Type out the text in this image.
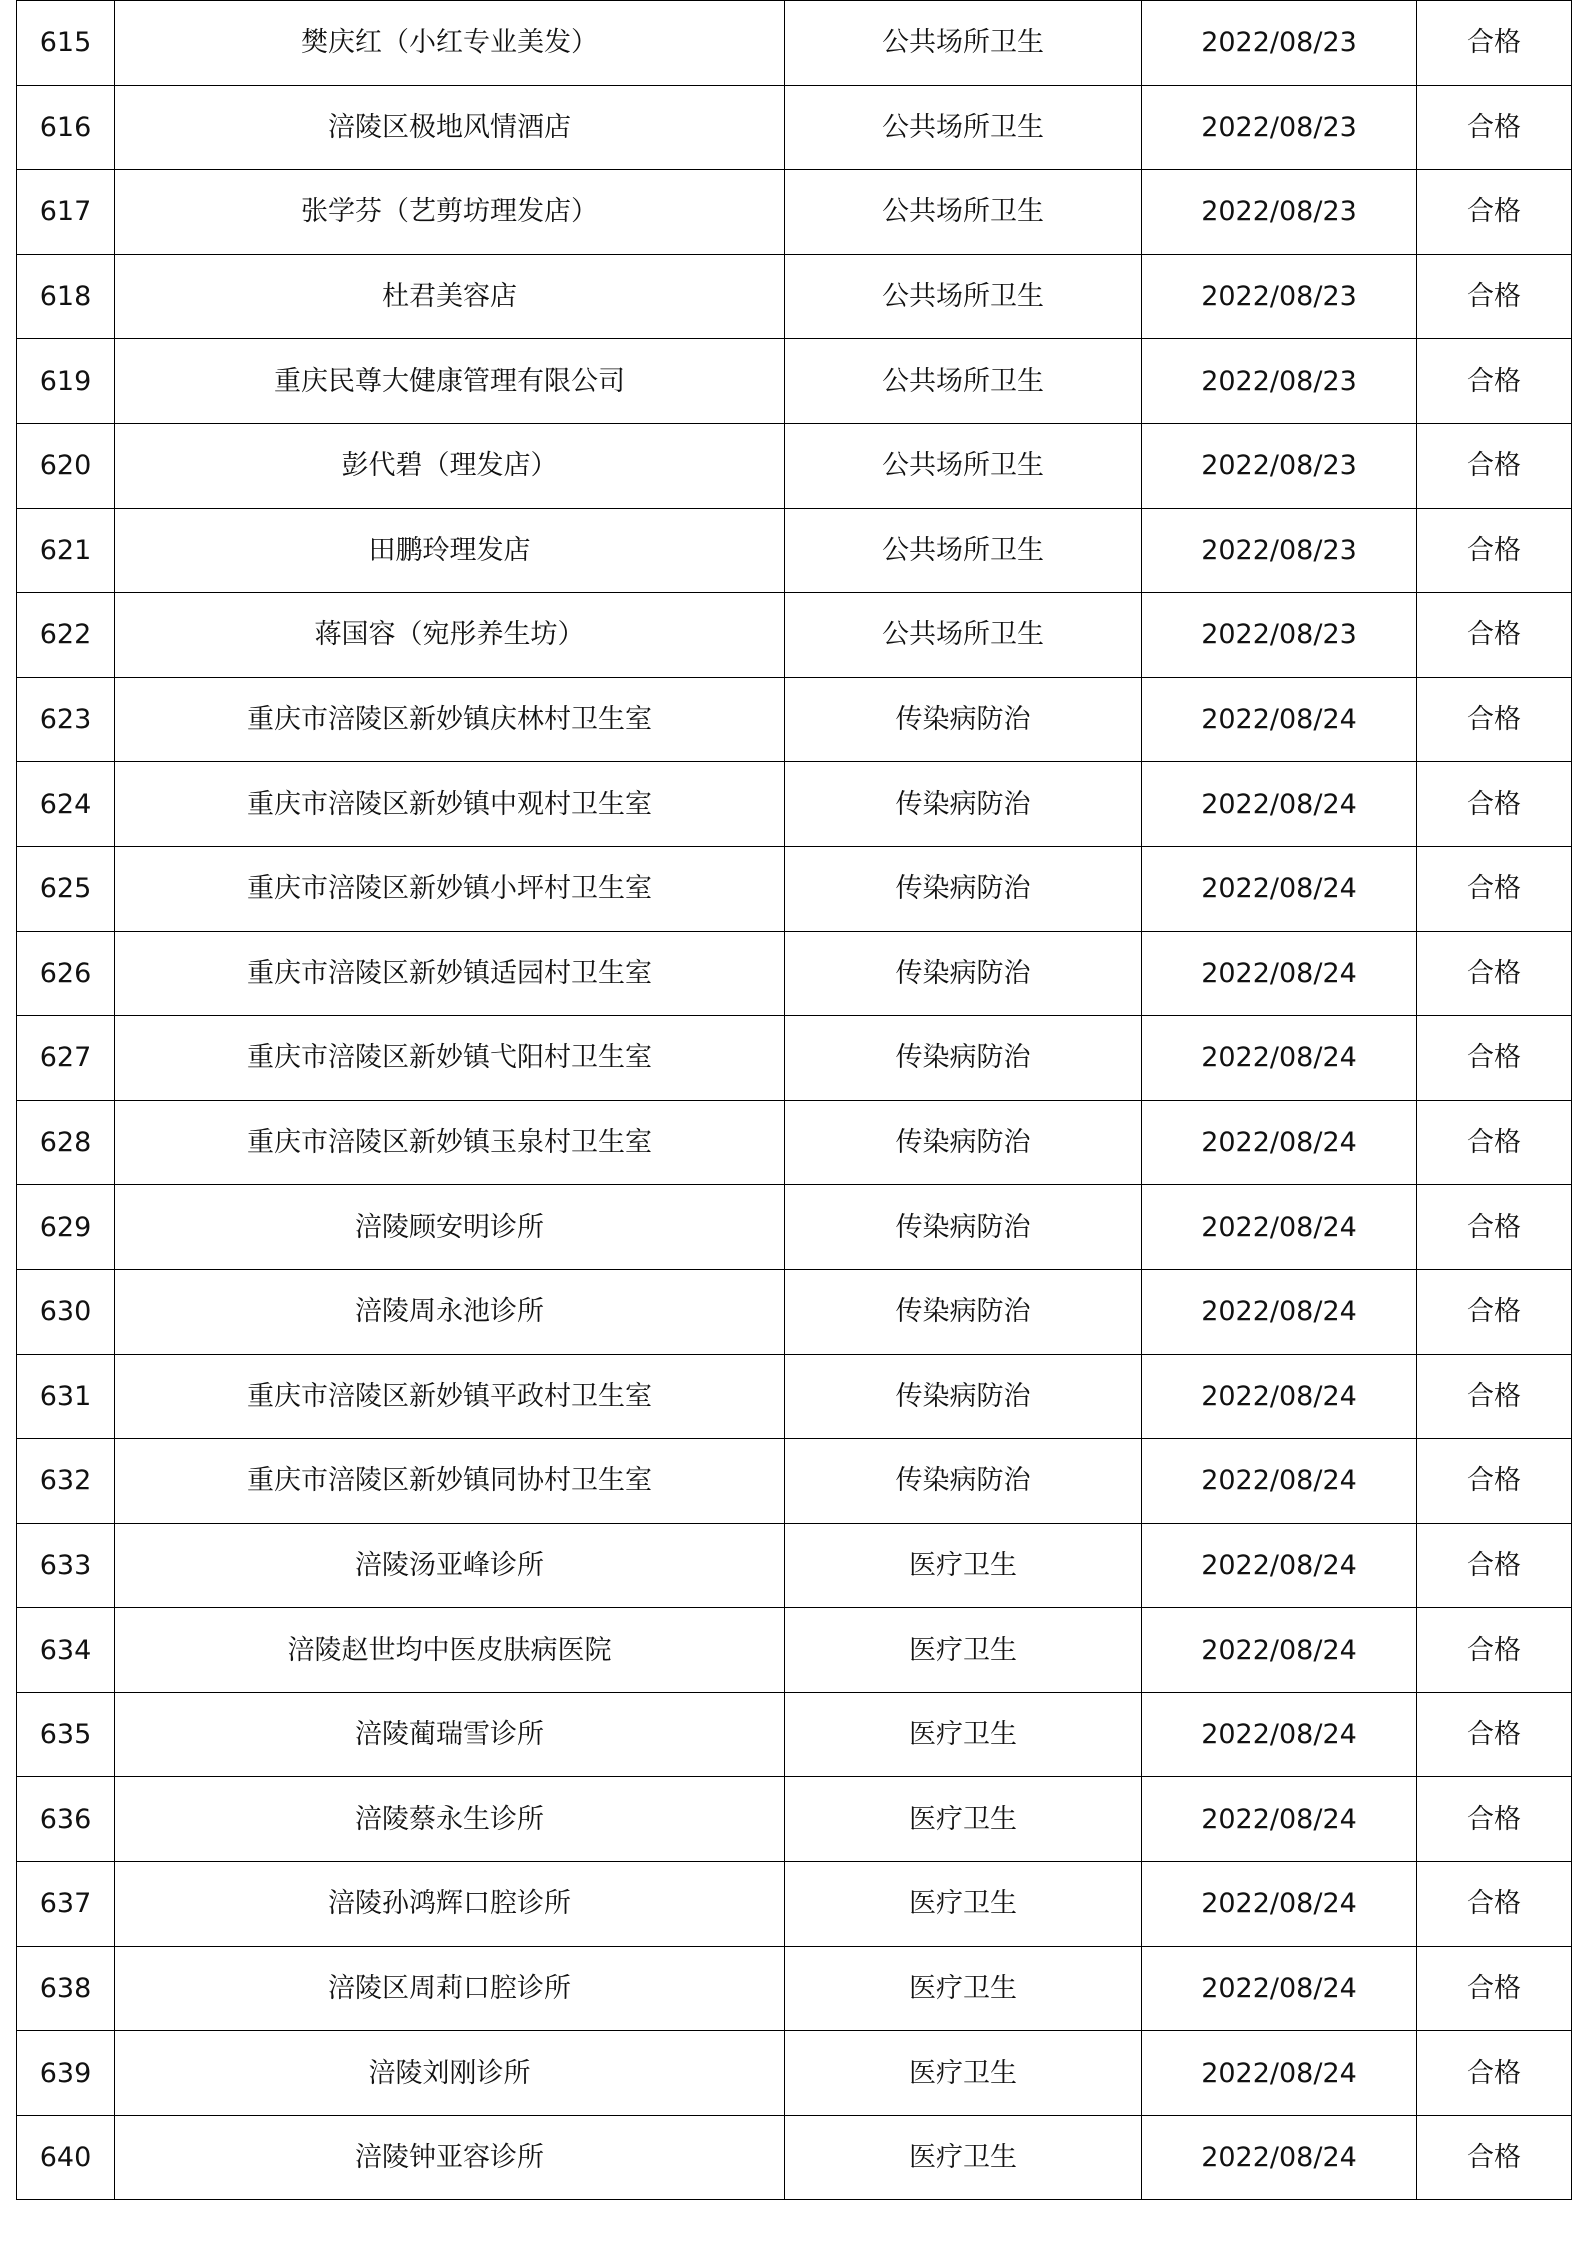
615	樊庆红（小红专业美发）	公共场所卫生	2022/08/23	合格
616	涪陵区极地风情酒店	公共场所卫生	2022/08/23	合格
617	张学芬（艺剪坊理发店）	公共场所卫生	2022/08/23	合格
618	杜君美容店	公共场所卫生	2022/08/23	合格
619	重庆民尊大健康管理有限公司	公共场所卫生	2022/08/23	合格
620	彭代碧（理发店）	公共场所卫生	2022/08/23	合格
621	田鹏玲理发店	公共场所卫生	2022/08/23	合格
622	蒋国容（宛彤养生坊）	公共场所卫生	2022/08/23	合格
623	重庆市涪陵区新妙镇庆林村卫生室	传染病防治	2022/08/24	合格
624	重庆市涪陵区新妙镇中观村卫生室	传染病防治	2022/08/24	合格
625	重庆市涪陵区新妙镇小坪村卫生室	传染病防治	2022/08/24	合格
626	重庆市涪陵区新妙镇适园村卫生室	传染病防治	2022/08/24	合格
627	重庆市涪陵区新妙镇弋阳村卫生室	传染病防治	2022/08/24	合格
628	重庆市涪陵区新妙镇玉泉村卫生室	传染病防治	2022/08/24	合格
629	涪陵顾安明诊所	传染病防治	2022/08/24	合格
630	涪陵周永池诊所	传染病防治	2022/08/24	合格
631	重庆市涪陵区新妙镇平政村卫生室	传染病防治	2022/08/24	合格
632	重庆市涪陵区新妙镇同协村卫生室	传染病防治	2022/08/24	合格
633	涪陵汤亚峰诊所	医疗卫生	2022/08/24	合格
634	涪陵赵世均中医皮肤病医院	医疗卫生	2022/08/24	合格
635	涪陵蔺瑞雪诊所	医疗卫生	2022/08/24	合格
636	涪陵蔡永生诊所	医疗卫生	2022/08/24	合格
637	涪陵孙鸿辉口腔诊所	医疗卫生	2022/08/24	合格
638	涪陵区周莉口腔诊所	医疗卫生	2022/08/24	合格
639	涪陵刘刚诊所	医疗卫生	2022/08/24	合格
640	涪陵钟亚容诊所	医疗卫生	2022/08/24	合格
